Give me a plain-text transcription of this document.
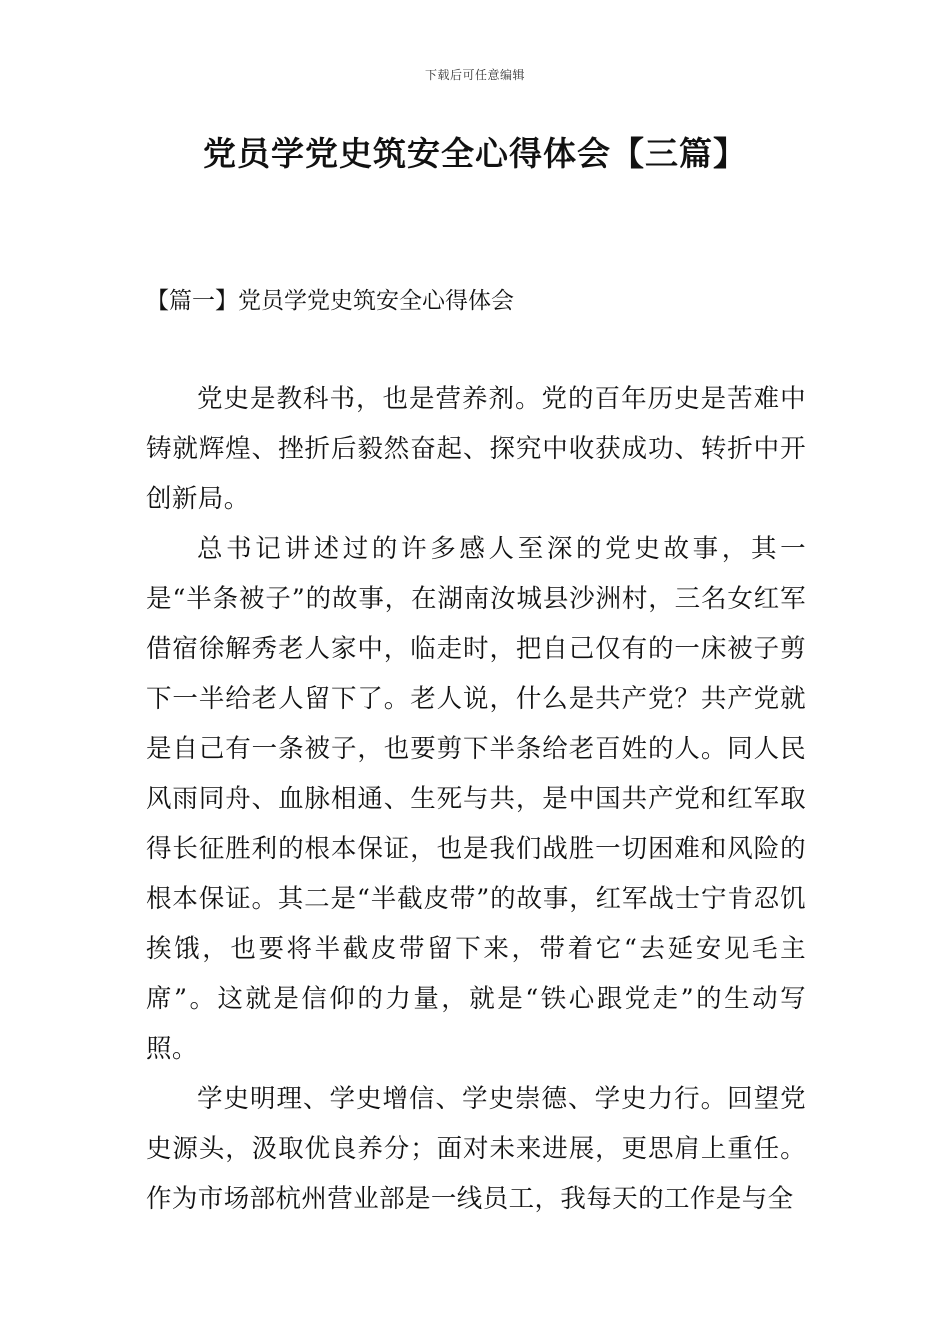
下载后可任意编辑
党员学党史筑安全心得体会【三篇】
【篇一】党员学党史筑安全心得体会

党史是教科书，也是营养剂。党的百年历史是苦难中铸就辉煌、挫折后毅然奋起、探究中收获成功、转折中开创新局。

总书记讲述过的许多感人至深的党史故事，其一是“半条被子”的故事，在湖南汝城县沙洲村，三名女红军借宿徐解秀老人家中，临走时，把自己仅有的一床被子剪下一半给老人留下了。老人说，什么是共产党？共产党就是自己有一条被子，也要剪下半条给老百姓的人。同人民风雨同舟、血脉相通、生死与共，是中国共产党和红军取得长征胜利的根本保证，也是我们战胜一切困难和风险的根本保证。其二是“半截皮带”的故事，红军战士宁肯忍饥挨饿，也要将半截皮带留下来，带着它“去延安见毛主席”。这就是信仰的力量，就是“铁心跟党走”的生动写照。

学史明理、学史增信、学史崇德、学史力行。回望党史源头，汲取优良养分；面对未来进展，更思肩上重任。作为市场部杭州营业部是一线员工，我每天的工作是与全
